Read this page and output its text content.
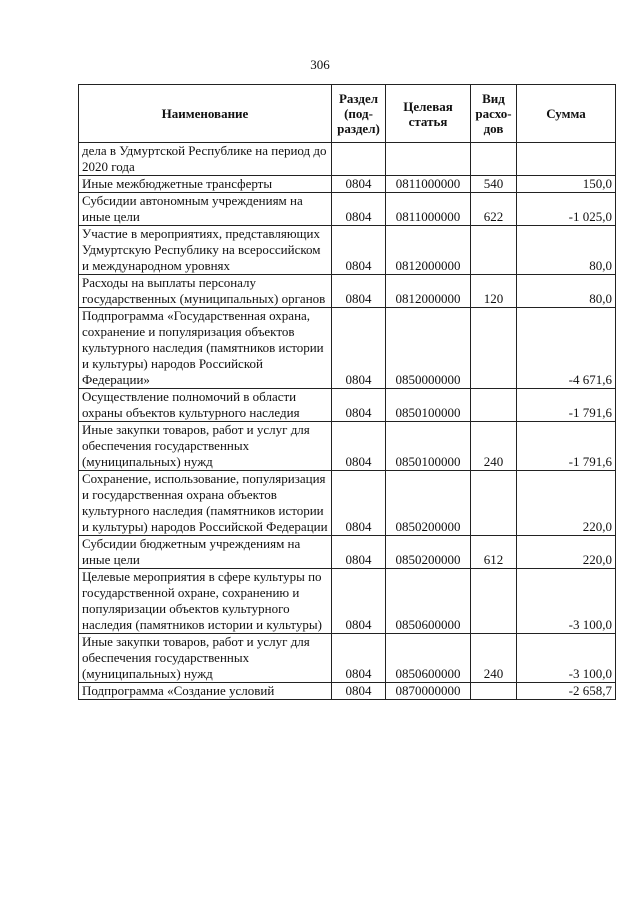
306
Наименование	Раздел (под-раздел)	Целевая статья	Вид расхо-дов	Сумма
дела в Удмуртской Республике на период до 2020 года				
Иные межбюджетные трансферты	0804	0811000000	540	150,0
Субсидии автономным учреждениям на иные цели	0804	0811000000	622	-1 025,0
Участие в мероприятиях, представляющих Удмуртскую Республику на всероссийском и международном уровнях	0804	0812000000		80,0
Расходы на выплаты персоналу государственных (муниципальных) органов	0804	0812000000	120	80,0
Подпрограмма «Государственная охрана, сохранение и популяризация объектов культурного наследия (памятников истории и культуры) народов Российской Федерации»	0804	0850000000		-4 671,6
Осуществление полномочий в области охраны объектов культурного наследия	0804	0850100000		-1 791,6
Иные закупки товаров, работ и услуг для обеспечения государственных (муниципальных) нужд	0804	0850100000	240	-1 791,6
Сохранение, использование, популяризация и государственная охрана объектов культурного наследия (памятников истории и культуры) народов Российской Федерации	0804	0850200000		220,0
Субсидии бюджетным учреждениям на иные цели	0804	0850200000	612	220,0
Целевые мероприятия в сфере культуры по государственной охране, сохранению и популяризации объектов культурного наследия (памятников истории и культуры)	0804	0850600000		-3 100,0
Иные закупки товаров, работ и услуг для обеспечения государственных (муниципальных) нужд	0804	0850600000	240	-3 100,0
Подпрограмма «Создание условий	0804	0870000000		-2 658,7
